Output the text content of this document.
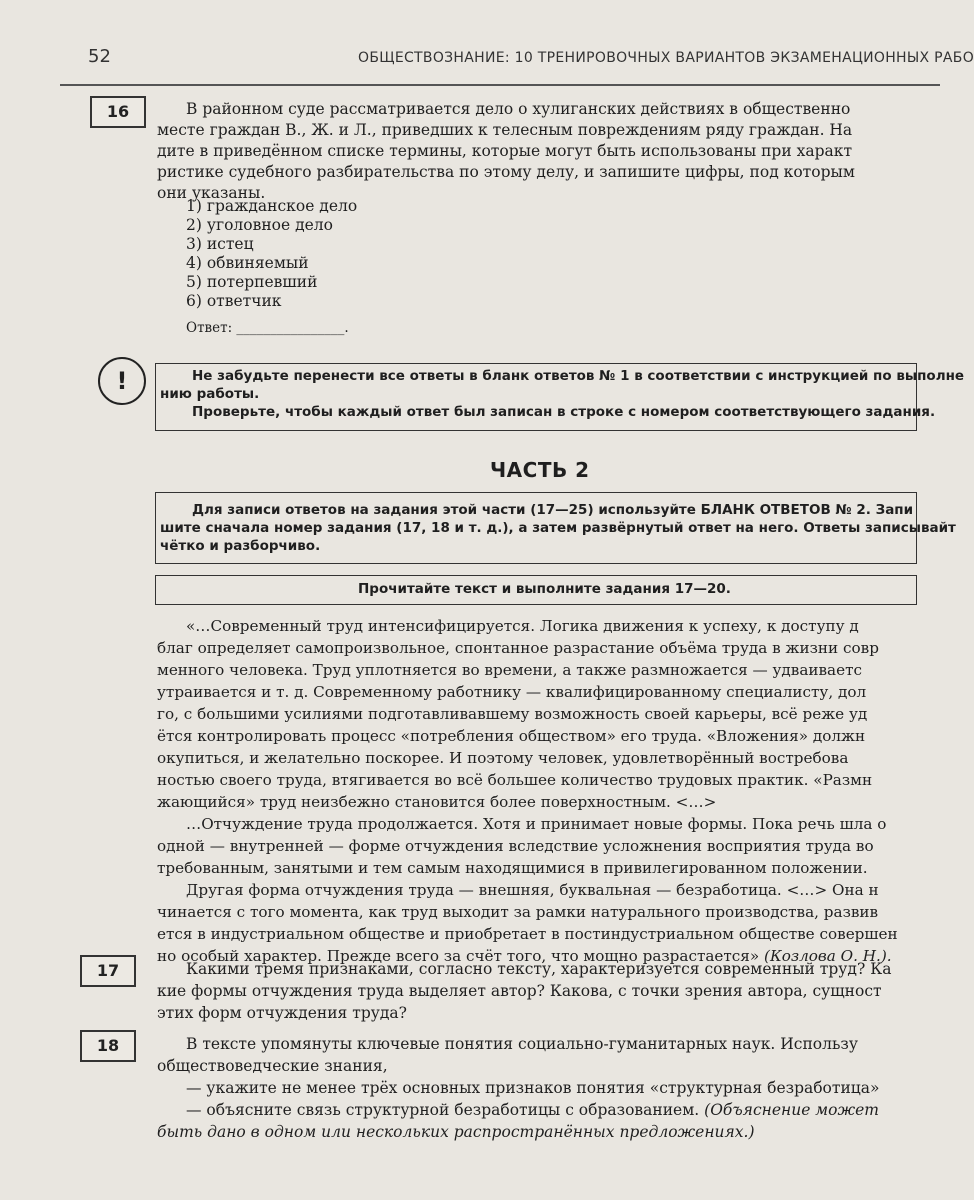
52	ОБЩЕСТВОЗНАНИЕ: 10 ТРЕНИРОВОЧНЫХ ВАРИАНТОВ ЭКЗАМЕНАЦИОННЫХ РАБО
16	В районном суде рассматривается дело о хулиганских действиях в общественно
месте граждан В., Ж. и Л., приведших к телесным повреждениям ряду граждан. На
дите в приведённом списке термины, которые могут быть использованы при характ
ристике судебного разбирательства по этому делу, и запишите цифры, под которым
они указаны.
1) гражданское дело
2) уголовное дело
3) истец
4) обвиняемый
5) потерпевший
6) ответчик
Ответ: ________________.
!	Не забудьте перенести все ответы в бланк ответов № 1 в соответствии с инструкцией по выполне
нию работы.
Проверьте, чтобы каждый ответ был записан в строке с номером соответствующего задания.
ЧАСТЬ 2
Для записи ответов на задания этой части (17—25) используйте БЛАНК ОТВЕТОВ № 2. Запи
шите сначала номер задания (17, 18 и т. д.), а затем развёрнутый ответ на него. Ответы записывайт
чётко и разборчиво.
Прочитайте текст и выполните задания 17—20.
«…Современный труд интенсифицируется. Логика движения к успеху, к доступу д
благ определяет самопроизвольное, спонтанное разрастание объёма труда в жизни совр
менного человека. Труд уплотняется во времени, а также размножается — удваиваетс
утраивается и т. д. Современному работнику — квалифицированному специалисту, дол
го, с большими усилиями подготавливавшему возможность своей карьеры, всё реже уд
ётся контролировать процесс «потребления обществом» его труда. «Вложения» должн
окупиться, и желательно поскорее. И поэтому человек, удовлетворённый востребова
ностью своего труда, втягивается во всё большее количество трудовых практик. «Размн
жающийся» труд неизбежно становится более поверхностным. <…>
…Отчуждение труда продолжается. Хотя и принимает новые формы. Пока речь шла о
одной — внутренней — форме отчуждения вследствие усложнения восприятия труда во
требованным, занятыми и тем самым находящимися в привилегированном положении.
Другая форма отчуждения труда — внешняя, буквальная — безработица. <…> Она н
чинается с того момента, как труд выходит за рамки натурального производства, развив
ется в индустриальном обществе и приобретает в постиндустриальном обществе совершен
но особый характер. Прежде всего за счёт того, что мощно разрастается» (Козлова О. Н.).
17	Какими тремя признаками, согласно тексту, характеризуется современный труд? Ка
кие формы отчуждения труда выделяет автор? Какова, с точки зрения автора, сущност
этих форм отчуждения труда?
18	В тексте упомянуты ключевые понятия социально-гуманитарных наук. Использу
обществоведческие знания,
— укажите не менее трёх основных признаков понятия «структурная безработица»
— объясните связь структурной безработицы с образованием. (Объяснение может
быть дано в одном или нескольких распространённых предложениях.)
